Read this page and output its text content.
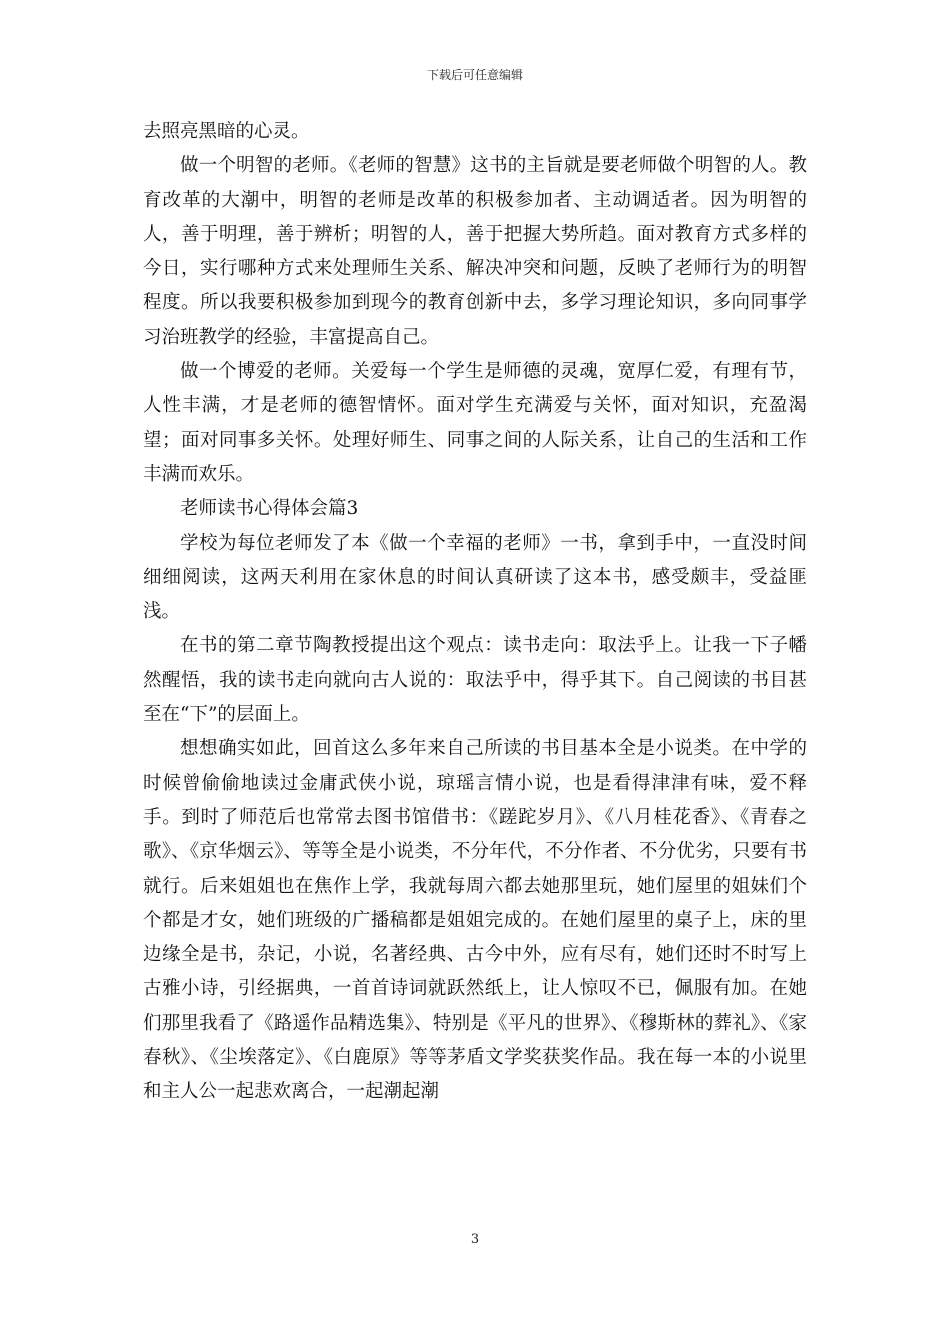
下载后可任意编辑

去照亮黑暗的心灵。

做一个明智的老师。《老师的智慧》这书的主旨就是要老师做个明智的人。教育改革的大潮中，明智的老师是改革的积极参加者、主动调适者。因为明智的人，善于明理，善于辨析；明智的人，善于把握大势所趋。面对教育方式多样的今日，实行哪种方式来处理师生关系、解决冲突和问题，反映了老师行为的明智程度。所以我要积极参加到现今的教育创新中去，多学习理论知识，多向同事学习治班教学的经验，丰富提高自己。

做一个博爱的老师。关爱每一个学生是师德的灵魂，宽厚仁爱，有理有节，人性丰满，才是老师的德智情怀。面对学生充满爱与关怀，面对知识，充盈渴望；面对同事多关怀。处理好师生、同事之间的人际关系，让自己的生活和工作丰满而欢乐。

老师读书心得体会篇3

学校为每位老师发了本《做一个幸福的老师》一书，拿到手中，一直没时间细细阅读，这两天利用在家休息的时间认真研读了这本书，感受颇丰，受益匪浅。

在书的第二章节陶教授提出这个观点：读书走向：取法乎上。让我一下子幡然醒悟，我的读书走向就向古人说的：取法乎中，得乎其下。自己阅读的书目甚至在“下”的层面上。

想想确实如此，回首这么多年来自己所读的书目基本全是小说类。在中学的时候曾偷偷地读过金庸武侠小说，琼瑶言情小说，也是看得津津有味，爱不释手。到时了师范后也常常去图书馆借书：《蹉跎岁月》、《八月桂花香》、《青春之歌》、《京华烟云》、等等全是小说类，不分年代，不分作者、不分优劣，只要有书就行。后来姐姐也在焦作上学，我就每周六都去她那里玩，她们屋里的姐妹们个个都是才女，她们班级的广播稿都是姐姐完成的。在她们屋里的桌子上，床的里边缘全是书，杂记，小说，名著经典、古今中外，应有尽有，她们还时不时写上古雅小诗，引经据典，一首首诗词就跃然纸上，让人惊叹不已，佩服有加。在她们那里我看了《路遥作品精选集》、特别是《平凡的世界》、《穆斯林的葬礼》、《家春秋》、《尘埃落定》、《白鹿原》等等茅盾文学奖获奖作品。我在每一本的小说里和主人公一起悲欢离合，一起潮起潮

3
